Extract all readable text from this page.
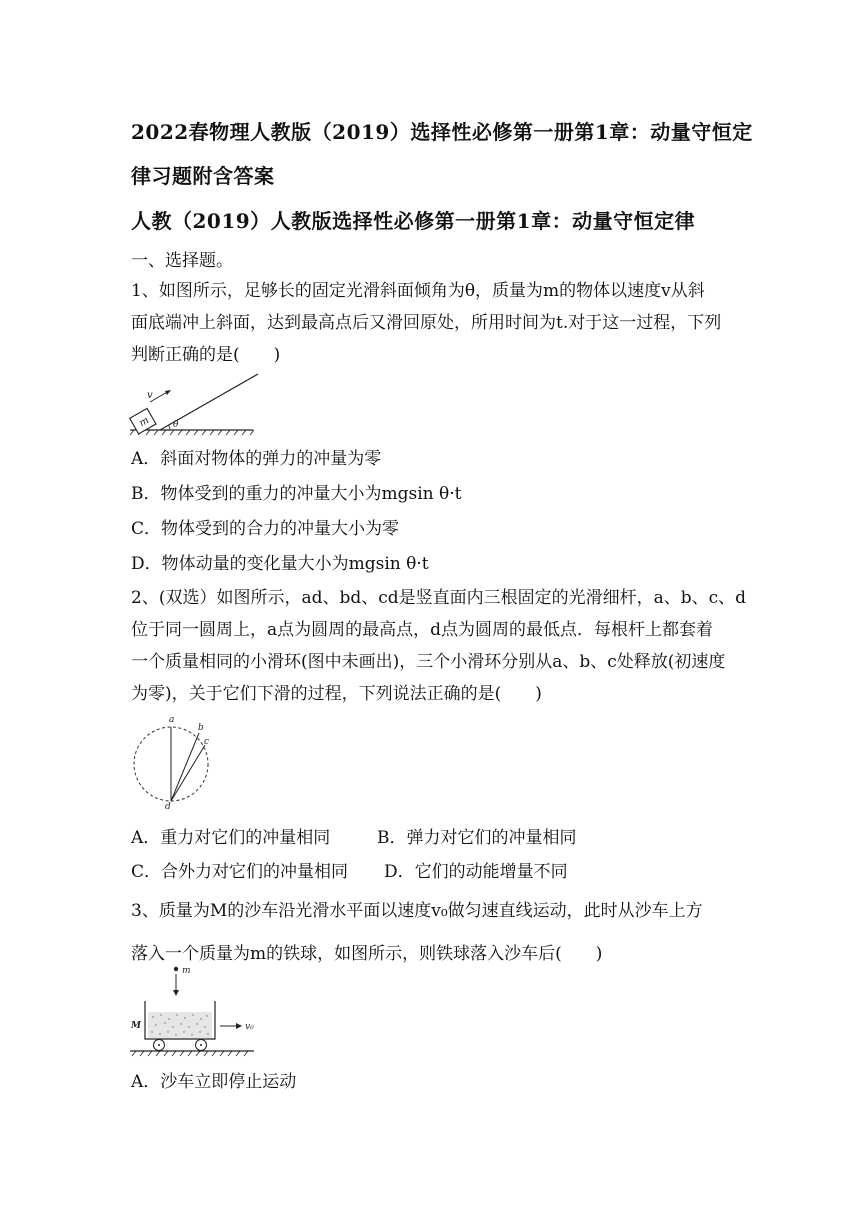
2022春物理人教版（2019）选择性必修第一册第1章：动量守恒定
律习题附含答案
人教（2019）人教版选择性必修第一册第1章：动量守恒定律
一、选择题。
1、如图所示，足够长的固定光滑斜面倾角为θ，质量为m的物体以速度v从斜
面底端冲上斜面，达到最高点后又滑回原处，所用时间为t.对于这一过程，下列
判断正确的是(　　)
m
v
θ
A．斜面对物体的弹力的冲量为零
B．物体受到的重力的冲量大小为mgsin θ·t
C．物体受到的合力的冲量大小为零
D．物体动量的变化量大小为mgsin θ·t
2、(双选）如图所示，ad、bd、cd是竖直面内三根固定的光滑细杆，a、b、c、d
位于同一圆周上，a点为圆周的最高点，d点为圆周的最低点．每根杆上都套着
一个质量相同的小滑环(图中未画出)，三个小滑环分别从a、b、c处释放(初速度
为零)，关于它们下滑的过程，下列说法正确的是(　　)
a
b
c
d
A．重力对它们的冲量相同	B．弹力对它们的冲量相同
C．合外力对它们的冲量相同 D．它们的动能增量不同
3、质量为M的沙车沿光滑水平面以速度v₀做匀速直线运动，此时从沙车上方
落入一个质量为m的铁球，如图所示，则铁球落入沙车后(　　)
m
M	v₀
A．沙车立即停止运动
